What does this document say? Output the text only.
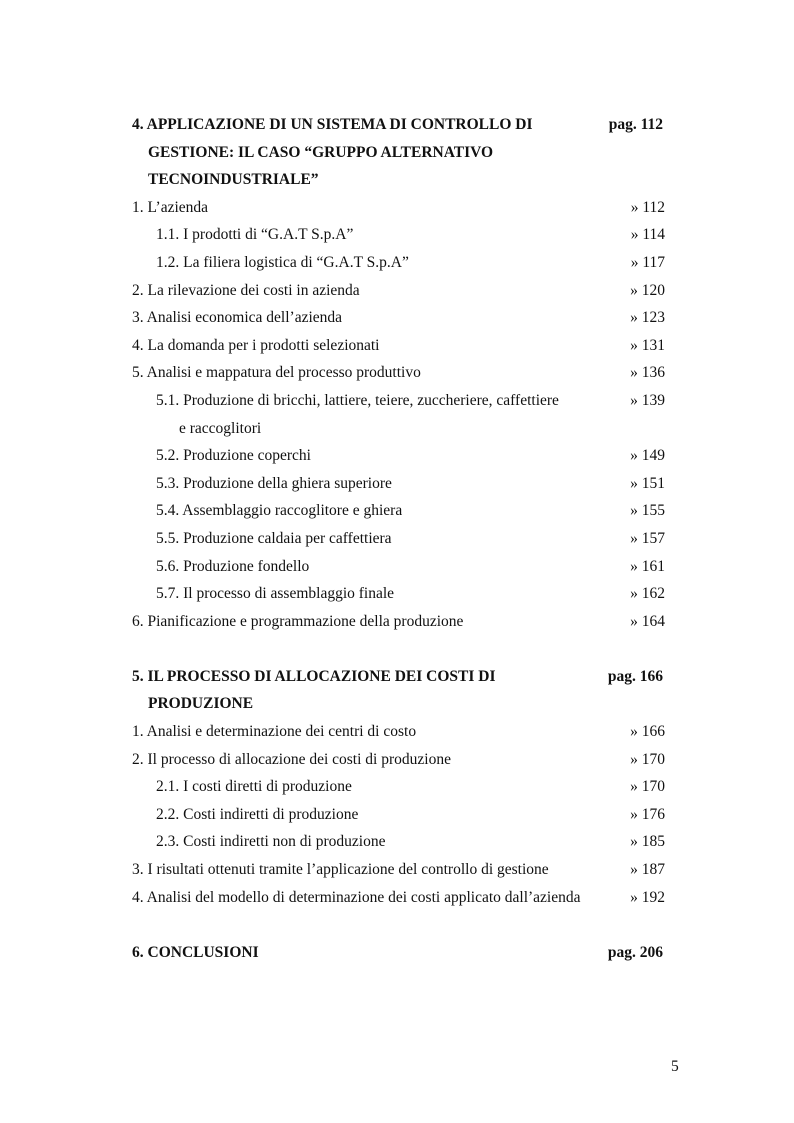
4. APPLICAZIONE DI UN SISTEMA DI CONTROLLO DI	pag. 112
GESTIONE: IL CASO “GRUPPO ALTERNATIVO
TECNOINDUSTRIALE”
1. L’azienda	» 112
1.1. I prodotti di “G.A.T S.p.A”	» 114
1.2. La filiera logistica di “G.A.T S.p.A”	» 117
2. La rilevazione dei costi in azienda	» 120
3. Analisi economica dell’azienda	» 123
4. La domanda per i prodotti selezionati	» 131
5. Analisi e mappatura del processo produttivo	» 136
5.1. Produzione di bricchi, lattiere, teiere, zuccheriere, caffettiere	» 139
e raccoglitori
5.2. Produzione coperchi	» 149
5.3. Produzione della ghiera superiore	» 151
5.4. Assemblaggio raccoglitore e ghiera	» 155
5.5. Produzione caldaia per caffettiera	» 157
5.6. Produzione fondello	» 161
5.7. Il processo di assemblaggio finale	» 162
6. Pianificazione e programmazione della produzione	» 164
5. IL PROCESSO DI ALLOCAZIONE DEI COSTI DI	pag. 166
PRODUZIONE
1. Analisi e determinazione dei centri di costo	» 166
2. Il processo di allocazione dei costi di produzione	» 170
2.1. I costi diretti di produzione	» 170
2.2. Costi indiretti di produzione	» 176
2.3. Costi indiretti non di produzione	» 185
3. I risultati ottenuti tramite l’applicazione del controllo di gestione	» 187
4. Analisi del modello di determinazione dei costi applicato dall’azienda	» 192
6. CONCLUSIONI	pag. 206
5
